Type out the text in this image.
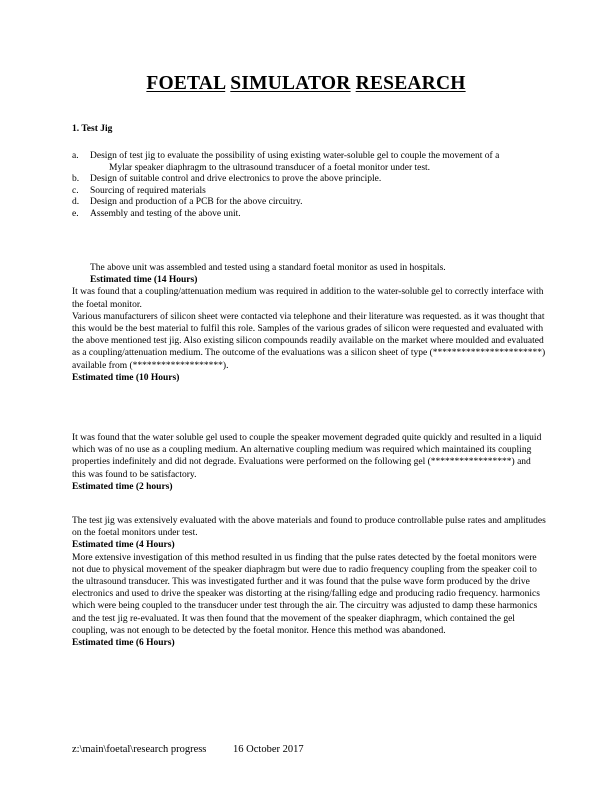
FOETAL SIMULATOR RESEARCH
1. Test Jig
a. Design of test jig to evaluate the possibility of using existing water-soluble gel to couple the movement of a Mylar speaker diaphragm to the ultrasound transducer of a foetal monitor under test.
b. Design of suitable control and drive electronics to prove the above principle.
c. Sourcing of required materials
d. Design and production of a PCB for the above circuitry.
e. Assembly and testing of the above unit.
The above unit was assembled and tested using a standard foetal monitor as used in hospitals.
Estimated time (14 Hours)
It was found that a coupling/attenuation medium was required in addition to the water-soluble gel to correctly interface with the foetal monitor.
Various manufacturers of silicon sheet were contacted via telephone and their literature was requested. as it was thought that this would be the best material to fulfil this role. Samples of the various grades of silicon were requested and evaluated with the above mentioned test jig. Also existing silicon compounds readily available on the market where moulded and evaluated as a coupling/attenuation medium. The outcome of the evaluations was a silicon sheet of type (***********************) available from (*******************).
Estimated time (10 Hours)
It was found that the water soluble gel used to couple the speaker movement degraded quite quickly and resulted in a liquid which was of no use as a coupling medium. An alternative coupling medium was required which maintained its coupling properties indefinitely and did not degrade. Evaluations were performed on the following gel (*****************) and this was found to be satisfactory.
Estimated time (2 hours)
The test jig was extensively evaluated with the above materials and found to produce controllable pulse rates and amplitudes on the foetal monitors under test.
Estimated time (4 Hours)
More extensive investigation of this method resulted in us finding that the pulse rates detected by the foetal monitors were not due to physical movement of the speaker diaphragm but were due to radio frequency coupling from the speaker coil to the ultrasound transducer. This was investigated further and it was found that the pulse wave form produced by the drive electronics and used to drive the speaker was distorting at the rising/falling edge and producing radio frequency. harmonics which were being coupled to the transducer under test through the air. The circuitry was adjusted to damp these harmonics and the test jig re-evaluated. It was then found that the movement of the speaker diaphragm, which contained the gel coupling, was not enough to be detected by the foetal monitor. Hence this method was abandoned.
Estimated time (6 Hours)
z:\main\foetal\research progress	16 October 2017
